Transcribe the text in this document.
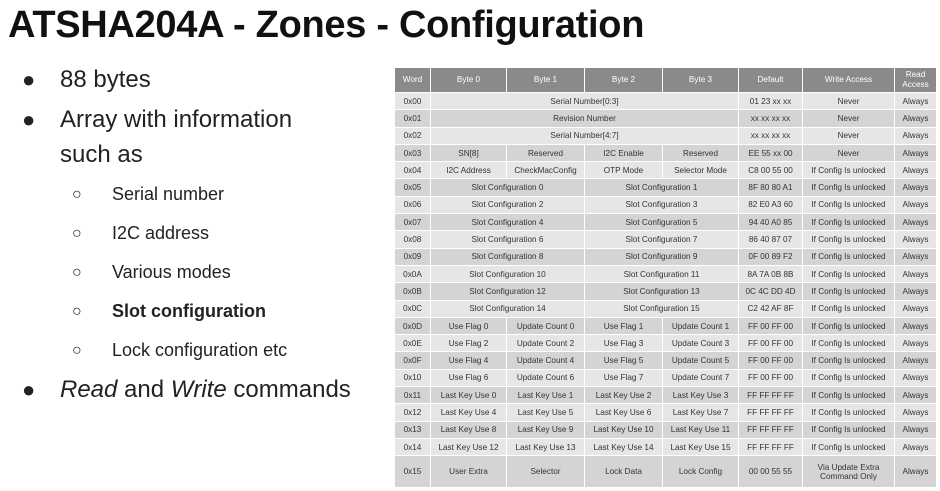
ATSHA204A - Zones - Configuration
● 88 bytes
● Array with information
such as
○ Serial number
○ I2C address
○ Various modes
○ Slot configuration
○ Lock configuration etc
● Read and Write commands
Word	Byte 0	Byte 1	Byte 2	Byte 3	Default	Write Access	Read Access
0x00	Serial Number[0:3]				01 23 xx xx	Never	Always
0x01	Revision Number				xx xx xx xx	Never	Always
0x02	Serial Number[4:7]				xx xx xx xx	Never	Always
0x03	SN[8]	Reserved	I2C Enable	Reserved	EE 55 xx 00	Never	Always
0x04	I2C Address	CheckMacConfig	OTP Mode	Selector Mode	C8 00 55 00	If Config Is unlocked	Always
0x05	Slot Configuration 0		Slot Configuration 1		8F 80 80 A1	If Config Is unlocked	Always
0x06	Slot Configuration 2		Slot Configuration 3		82 E0 A3 60	If Config Is unlocked	Always
0x07	Slot Configuration 4		Slot Configuration 5		94 40 A0 85	If Config Is unlocked	Always
0x08	Slot Configuration 6		Slot Configuration 7		86 40 87 07	If Config Is unlocked	Always
0x09	Slot Configuration 8		Slot Configuration 9		0F 00 89 F2	If Config Is unlocked	Always
0x0A	Slot Configuration 10		Slot Configuration 11		8A 7A 0B 8B	If Config Is unlocked	Always
0x0B	Slot Configuration 12		Slot Configuration 13		0C 4C DD 4D	If Config Is unlocked	Always
0x0C	Slot Configuration 14		Slot Configuration 15		C2 42 AF 8F	If Config Is unlocked	Always
0x0D	Use Flag 0	Update Count 0	Use Flag 1	Update Count 1	FF 00 FF 00	If Config Is unlocked	Always
0x0E	Use Flag 2	Update Count 2	Use Flag 3	Update Count 3	FF 00 FF 00	If Config Is unlocked	Always
0x0F	Use Flag 4	Update Count 4	Use Flag 5	Update Count 5	FF 00 FF 00	If Config Is unlocked	Always
0x10	Use Flag 6	Update Count 6	Use Flag 7	Update Count 7	FF 00 FF 00	If Config Is unlocked	Always
0x11	Last Key Use 0	Last Key Use 1	Last Key Use 2	Last Key Use 3	FF FF FF FF	If Config Is unlocked	Always
0x12	Last Key Use 4	Last Key Use 5	Last Key Use 6	Last Key Use 7	FF FF FF FF	If Config Is unlocked	Always
0x13	Last Key Use 8	Last Key Use 9	Last Key Use 10	Last Key Use 11	FF FF FF FF	If Config Is unlocked	Always
0x14	Last Key Use 12	Last Key Use 13	Last Key Use 14	Last Key Use 15	FF FF FF FF	If Config Is unlocked	Always
0x15	User Extra	Selector	Lock Data	Lock Config	00 00 55 55	Via Update Extra Command Only	Always
